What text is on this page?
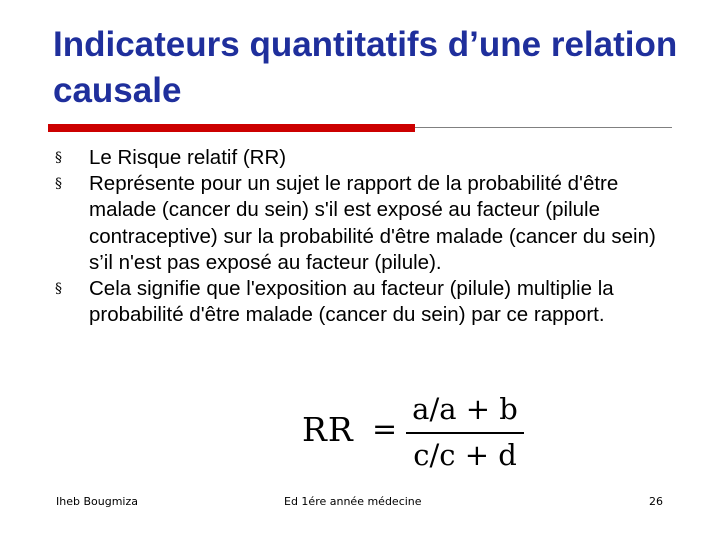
Indicateurs quantitatifs d’une relation causale
§	Le Risque relatif (RR)
§	Représente pour un sujet le rapport de la probabilité d'être malade (cancer du sein) s'il est exposé au facteur (pilule contraceptive) sur la probabilité d'être malade (cancer du sein) s’il n'est pas exposé au facteur (pilule).
§	Cela signifie que l'exposition au facteur (pilule) multiplie la probabilité d'être malade (cancer du sein) par ce rapport.
RR =
a/a + b
c/c + d
Iheb Bougmiza	Ed 1ére année médecine	26
